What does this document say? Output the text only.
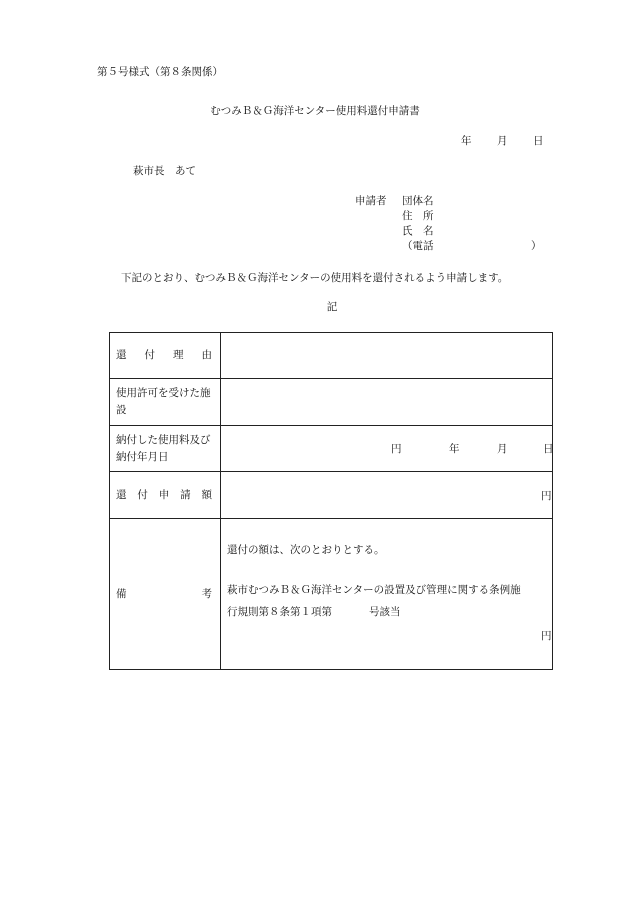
第５号様式（第８条関係）
むつみＢ＆Ｇ海洋センター使用料還付申請書
年 月 日
萩市長　あて
申請者 団体名
住　所
氏　名
（電話	）
下記のとおり、むつみＢ＆Ｇ海洋センターの使用料を還付されるよう申請します。
記
還 付 理 由	

使用許可を受けた施設	
納付した使用料及び納付年月日	円 年 月 日

還 付 申 請 額	円

備 考	還付の額は、次のとおりとする。
萩市むつみＢ＆Ｇ海洋センターの設置及び管理に関する条例施
行規則第８条第１項第 号該当
円
